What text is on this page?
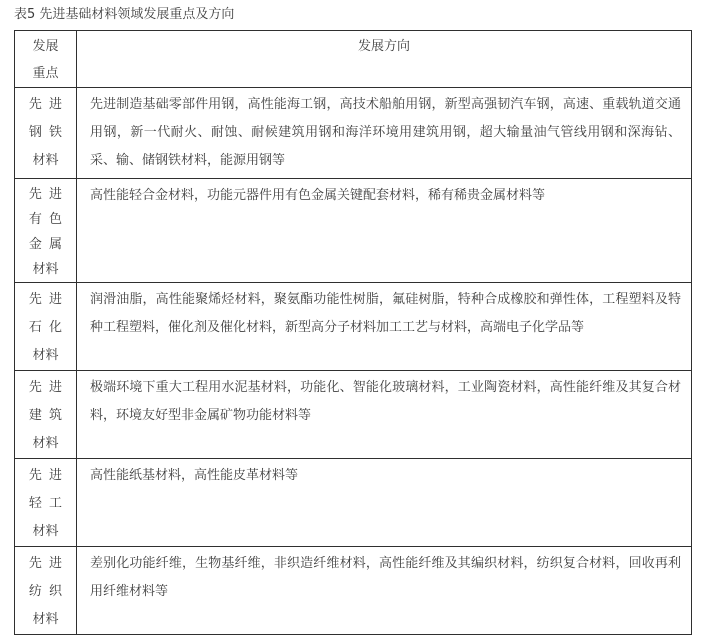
表5 先进基础材料领域发展重点及方向
发展
重点	发展方向

先 进
钢 铁
材料	先进制造基础零部件用钢，高性能海工钢，高技术船舶用钢，新型高强韧汽车钢，高速、重载轨道交通用钢，新一代耐火、耐蚀、耐候建筑用钢和海洋环境用建筑用钢，超大输量油气管线用钢和深海钻、采、输、储钢铁材料，能源用钢等

先 进
有 色
金 属
材料	高性能轻合金材料，功能元器件用有色金属关键配套材料，稀有稀贵金属材料等

先 进
石 化
材料	润滑油脂，高性能聚烯烃材料，聚氨酯功能性树脂，氟硅树脂，特种合成橡胶和弹性体，工程塑料及特种工程塑料，催化剂及催化材料，新型高分子材料加工工艺与材料，高端电子化学品等

先 进
建 筑
材料	极端环境下重大工程用水泥基材料，功能化、智能化玻璃材料，工业陶瓷材料，高性能纤维及其复合材料，环境友好型非金属矿物功能材料等

先 进
轻 工
材料	高性能纸基材料，高性能皮革材料等

先 进
纺 织
材料	差别化功能纤维，生物基纤维，非织造纤维材料，高性能纤维及其编织材料，纺织复合材料，回收再利用纤维材料等
